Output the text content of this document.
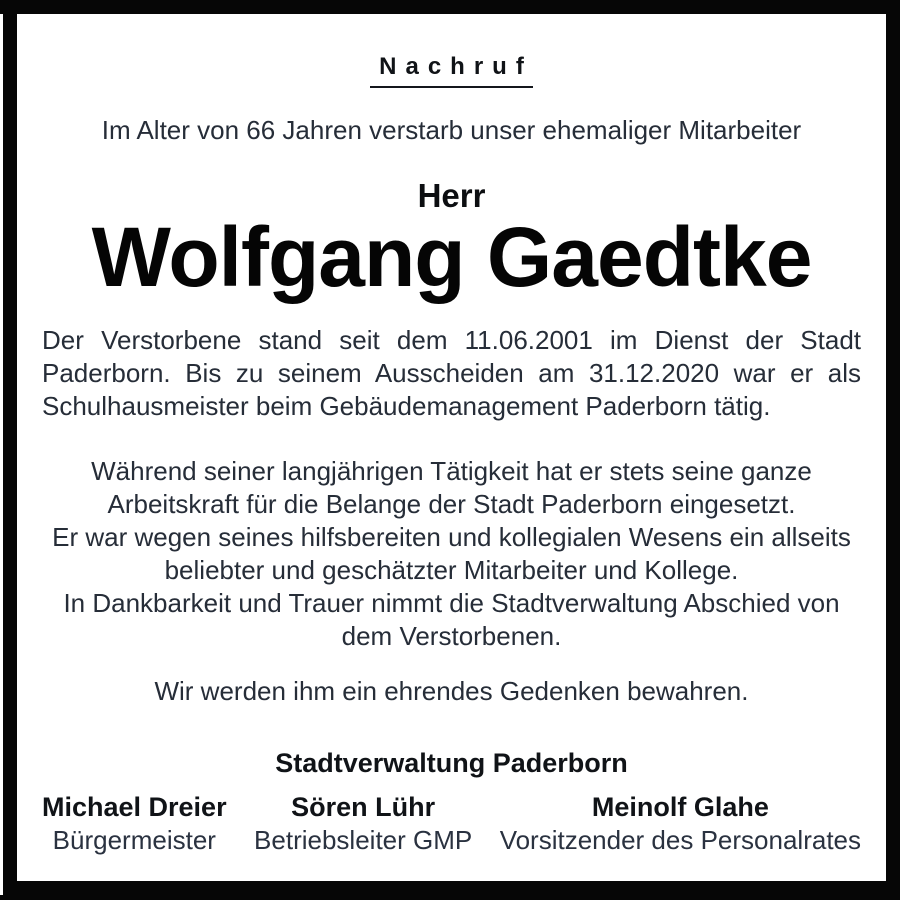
Nachruf
Im Alter von 66 Jahren verstarb unser ehemaliger Mitarbeiter
Herr
Wolfgang Gaedtke
Der Verstorbene stand seit dem 11.06.2001 im Dienst der Stadt
Paderborn. Bis zu seinem Ausscheiden am 31.12.2020 war er als
Schulhausmeister beim Gebäudemanagement Paderborn tätig.
Während seiner langjährigen Tätigkeit hat er stets seine ganze
Arbeitskraft für die Belange der Stadt Paderborn eingesetzt.
Er war wegen seines hilfsbereiten und kollegialen Wesens ein allseits
beliebter und geschätzter Mitarbeiter und Kollege.
In Dankbarkeit und Trauer nimmt die Stadtverwaltung Abschied von
dem Verstorbenen.
Wir werden ihm ein ehrendes Gedenken bewahren.
Stadtverwaltung Paderborn
Michael Dreier
Bürgermeister
Sören Lühr
Betriebsleiter GMP
Meinolf Glahe
Vorsitzender des Personalrates
